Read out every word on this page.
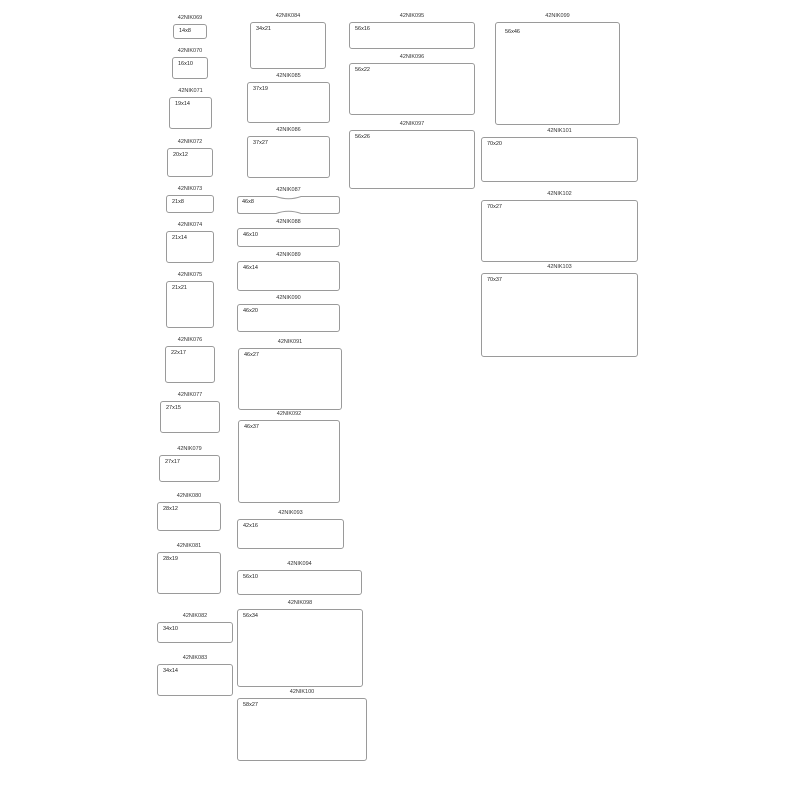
42NIK069
14x8
42NIK070
16x10
42NIK071
19x14
42NIK072
20x12
42NIK073
21x8
42NIK074
21x14
42NIK075
21x21
42NIK076
22x17
42NIK077
27x15
42NIK079
27x17
42NIK080
28x12
42NIK081
28x19
42NIK082
34x10
42NIK083
34x14
42NIK084
34x21
42NIK085
37x19
42NIK086
37x27
42NIK087
46x8
42NIK088
46x10
42NIK089
46x14
42NIK090
46x20
42NIK091
46x27
42NIK092
46x37
42NIK093
42x16
42NIK094
56x10
42NIK098
56x34
42NIK100
58x27
42NIK095
56x16
42NIK096
56x22
42NIK097
56x26
42NIK099
56x46
42NIK101
70x20
42NIK102
70x27
42NIK103
70x37
